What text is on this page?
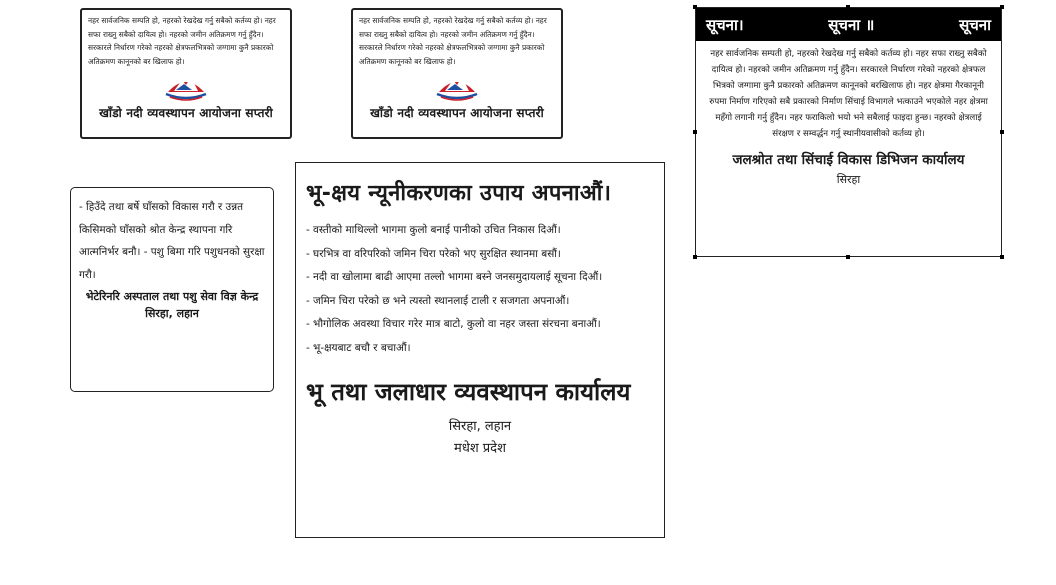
नहर सार्वजनिक सम्पति हो, नहरको रेखदेख गर्नु सबैको कर्तव्य हो। नहर सफा राख्नु सबैको दायित्व हो। नहरको जमीन अतिक्रमण गर्नु हुँदैन। सरकारले निर्धारण गरेको नहरको क्षेत्रफलभित्रको जग्गामा कुनै प्रकारको अतिक्रमण कानूनको बर खिलाफ हो।
खाँडो नदी व्यवस्थापन आयोजना सप्तरी
नहर सार्वजनिक सम्पति हो, नहरको रेखदेख गर्नु सबैको कर्तव्य हो। नहर सफा राख्नु सबैको दायित्व हो। नहरको जमीन अतिक्रमण गर्नु हुँदैन। सरकारले निर्धारण गरेको नहरको क्षेत्रफलभित्रको जग्गामा कुनै प्रकारको अतिक्रमण कानूनको बर खिलाफ हो।
खाँडो नदी व्यवस्थापन आयोजना सप्तरी
सूचना।	सूचना ॥	सूचना
नहर सार्वजनिक सम्पती हो, नहरको रेखदेख गर्नु सबैको कर्तव्य हो। नहर सफा राख्नु सबैको दायित्व हो। नहरको जमीन अतिक्रमण गर्नु हुँदैन। सरकारले निर्धारण गरेको नहरको क्षेत्रफल भित्रको जग्गामा कुनै प्रकारको अतिक्रमण कानूनको बरखिलाफ हो। नहर क्षेत्रमा गैरकानूनी रुपमा निर्माण गरिएको सबै प्रकारको निर्माण सिंचाई विभागले भत्काउने भएकोले नहर क्षेत्रमा महँगो लगानी गर्नु हुँदैन। नहर फराकिलो भयो भने सबैलाई फाइदा हुन्छ। नहरको क्षेत्रलाई संरक्षण र सम्वर्द्धन गर्नु स्थानीयवासीको कर्तव्य हो।
जलश्रोत तथा सिंचाई विकास डिभिजन कार्यालय
सिरहा
- हिउँदे तथा बर्षे घाँसको विकास गरौ र उन्नत किसिमको घाँसको श्रोत केन्द्र स्थापना गरि आत्मनिर्भर बनौ। - पशु बिमा गरि पशुधनको सुरक्षा गरौ।
भेटेरिनरि अस्पताल तथा पशु सेवा विज्ञ केन्द्र सिरहा, लहान
भू-क्षय न्यूनीकरणका उपाय अपनाऔं।
- वस्तीको माथिल्लो भागमा कुलो बनाई पानीको उचित निकास दिऔं।
- घरभित्र वा वरिपरिको जमिन चिरा परेको भए सुरक्षित स्थानमा बसौं।
- नदी वा खोलामा बाढी आएमा तल्लो भागमा बस्ने जनसमुदायलाई सूचना दिऔं।
- जमिन चिरा परेको छ भने त्यस्तो स्थानलाई टाली र सजगता अपनाऔं।
- भौगोलिक अवस्था विचार गरेर मात्र बाटो, कुलो वा नहर जस्ता संरचना बनाऔं।
- भू-क्षयबाट बचौ र बचाऔं।
भू तथा जलाधार व्यवस्थापन कार्यालय
सिरहा, लहान
मधेश प्रदेश
